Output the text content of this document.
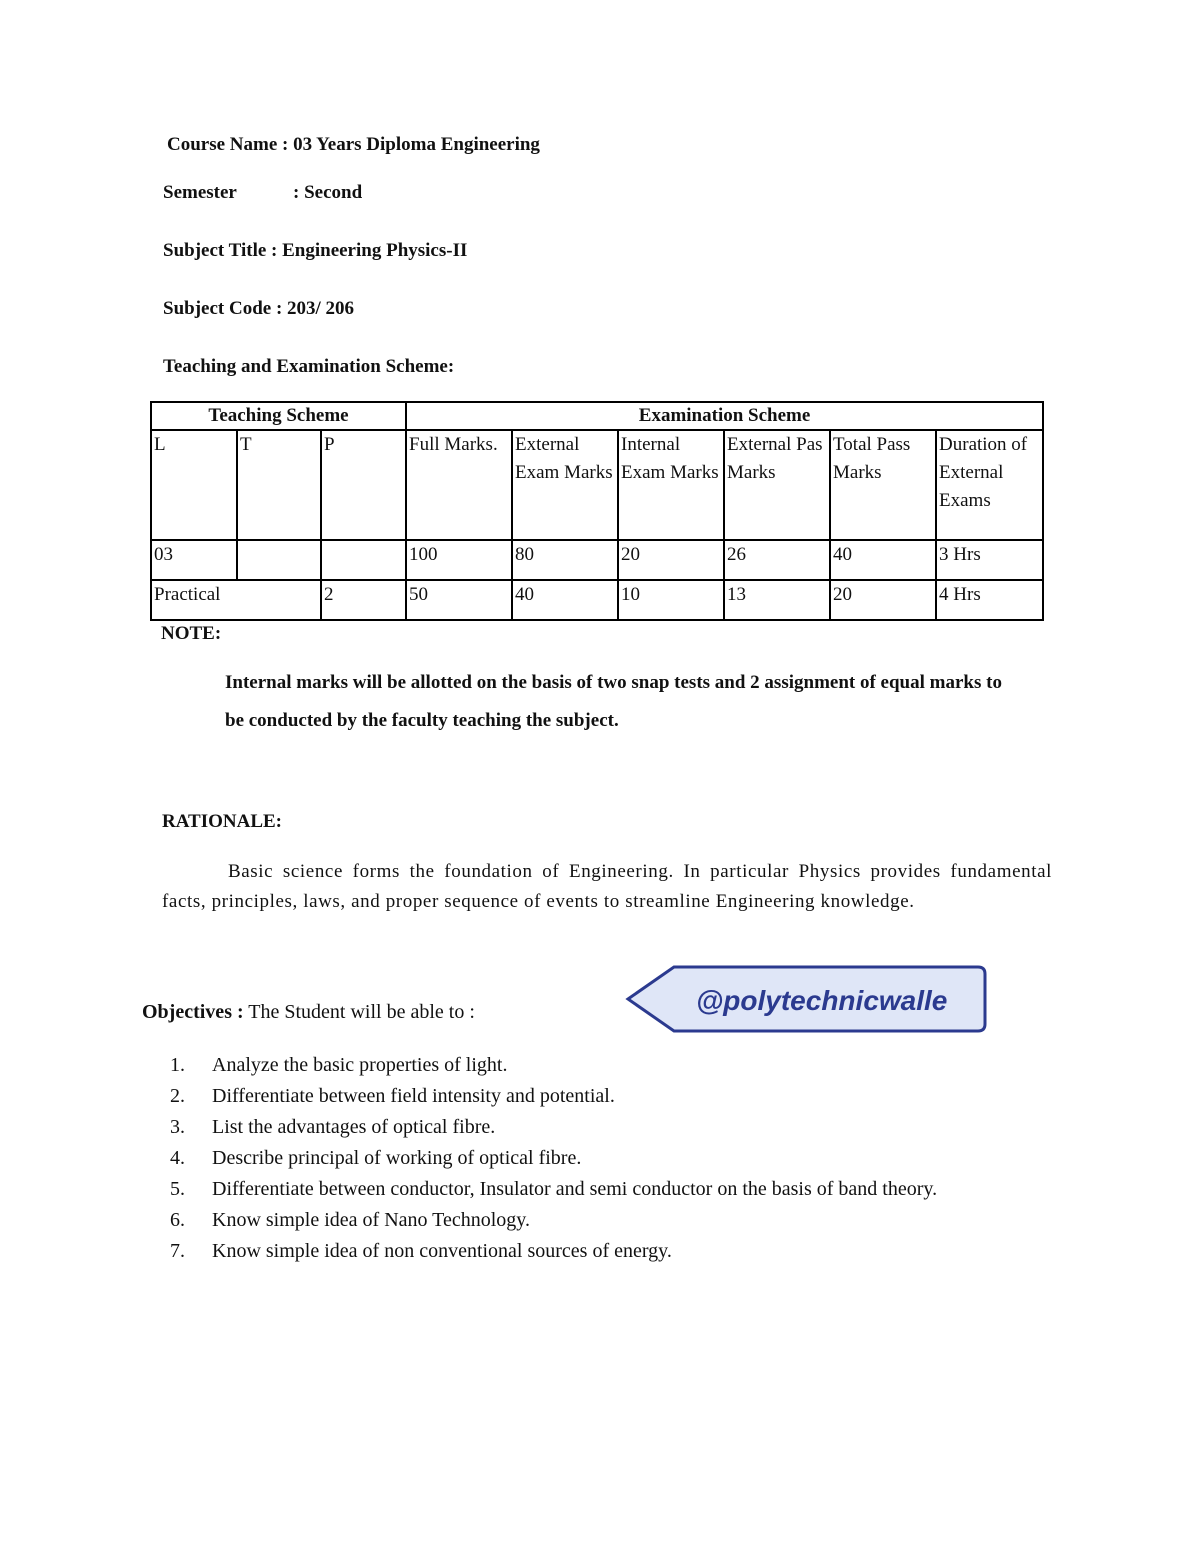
Course Name : 03 Years Diploma Engineering
Semester	: Second
Subject Title : Engineering Physics-II
Subject Code : 203/ 206
Teaching and Examination Scheme:
Teaching Scheme			Examination Scheme					
L	T	P	Full Marks.	External Exam Marks	Internal Exam Marks	External Pas Marks	Total Pass Marks	Duration of External Exams
03			100	80	20	26	40	3 Hrs
Practical		2	50	40	10	13	20	4 Hrs
NOTE:
Internal marks will be allotted on the basis of two snap tests and 2 assignment of equal marks to be conducted by the faculty teaching the subject.
RATIONALE:
Basic science forms the foundation of Engineering. In particular Physics provides fundamental facts, principles, laws, and proper sequence of events to streamline Engineering knowledge.
Objectives : The Student will be able to :
1.	Analyze the basic properties of light.
2.	Differentiate between field intensity and potential.
3.	List the advantages of optical fibre.
4.	Describe principal of working of optical fibre.
5.	Differentiate between conductor, Insulator and semi conductor on the basis of band theory.
6.	Know simple idea of Nano Technology.
7.	Know simple idea of non conventional sources of energy.
@polytechnicwalle
